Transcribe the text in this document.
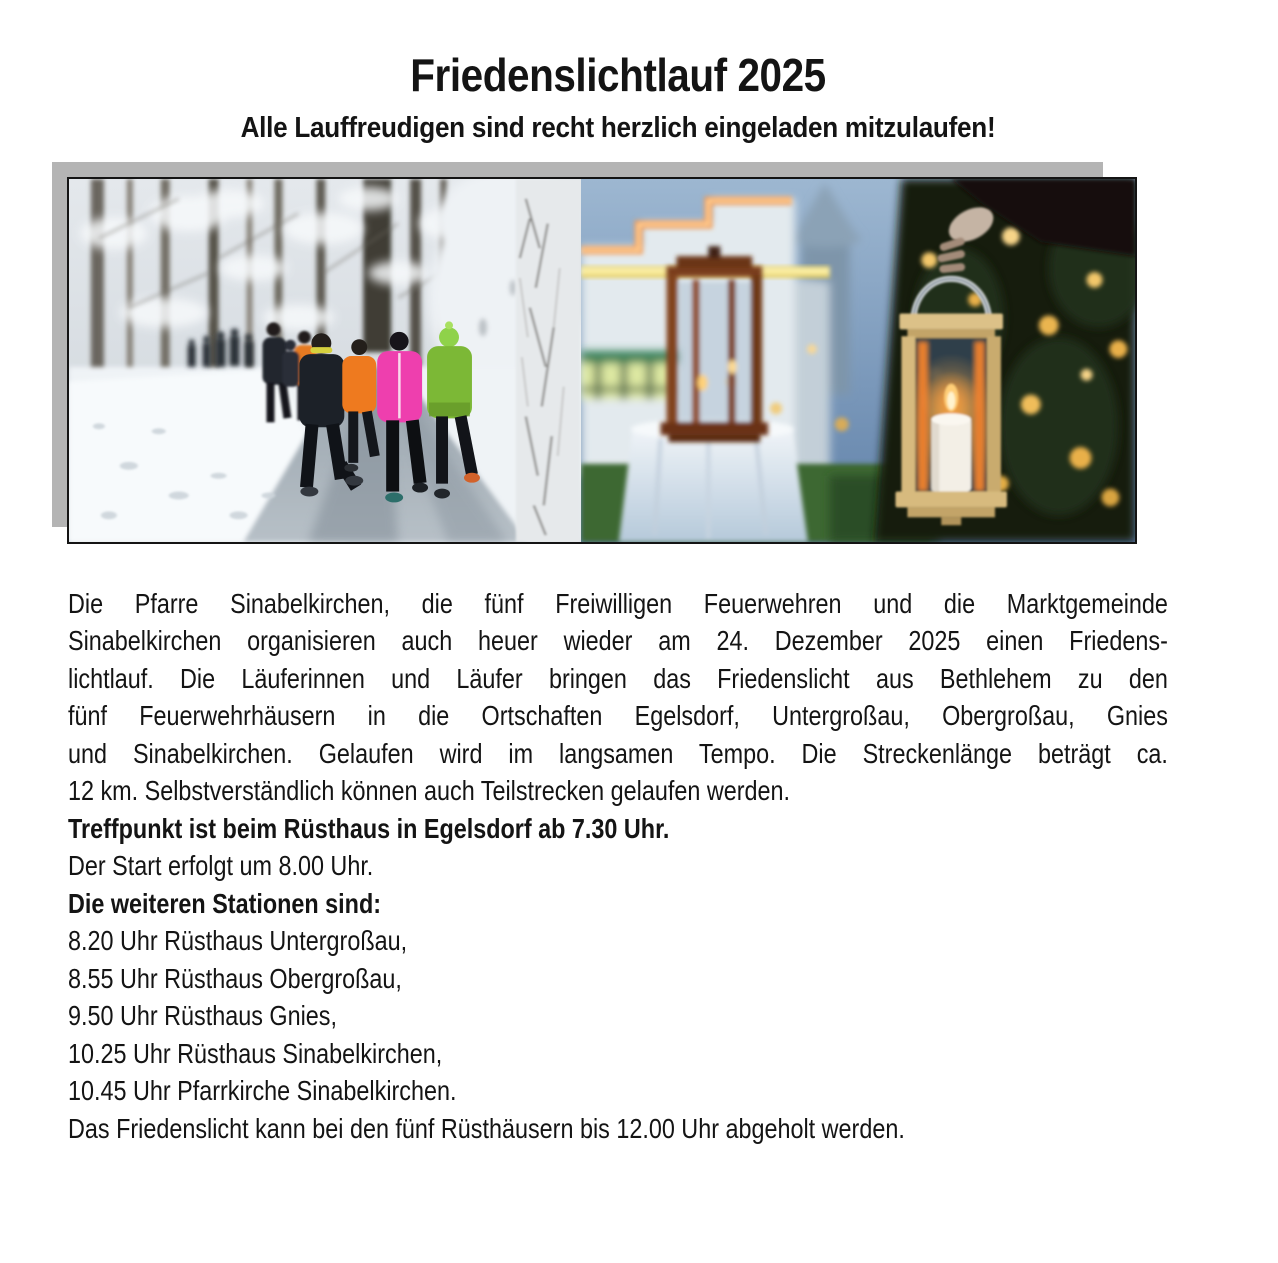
Friedenslichtlauf 2025
Alle Lauffreudigen sind recht herzlich eingeladen mitzulaufen!
Die Pfarre Sinabelkirchen, die fünf Freiwilligen Feuerwehren und die Marktgemeinde
Sinabelkirchen organisieren auch heuer wieder am 24. Dezember 2025 einen Friedens-
lichtlauf. Die Läuferinnen und Läufer bringen das Friedenslicht aus Bethlehem zu den
fünf Feuerwehrhäusern in die Ortschaften Egelsdorf, Untergroßau, Obergroßau, Gnies
und Sinabelkirchen. Gelaufen wird im langsamen Tempo. Die Streckenlänge beträgt ca.
12 km. Selbstverständlich können auch Teilstrecken gelaufen werden.
Treffpunkt ist beim Rüsthaus in Egelsdorf ab 7.30 Uhr.
Der Start erfolgt um 8.00 Uhr.
Die weiteren Stationen sind:
8.20 Uhr Rüsthaus Untergroßau,
8.55 Uhr Rüsthaus Obergroßau,
9.50 Uhr Rüsthaus Gnies,
10.25 Uhr Rüsthaus Sinabelkirchen,
10.45 Uhr Pfarrkirche Sinabelkirchen.
Das Friedenslicht kann bei den fünf Rüsthäusern bis 12.00 Uhr abgeholt werden.
